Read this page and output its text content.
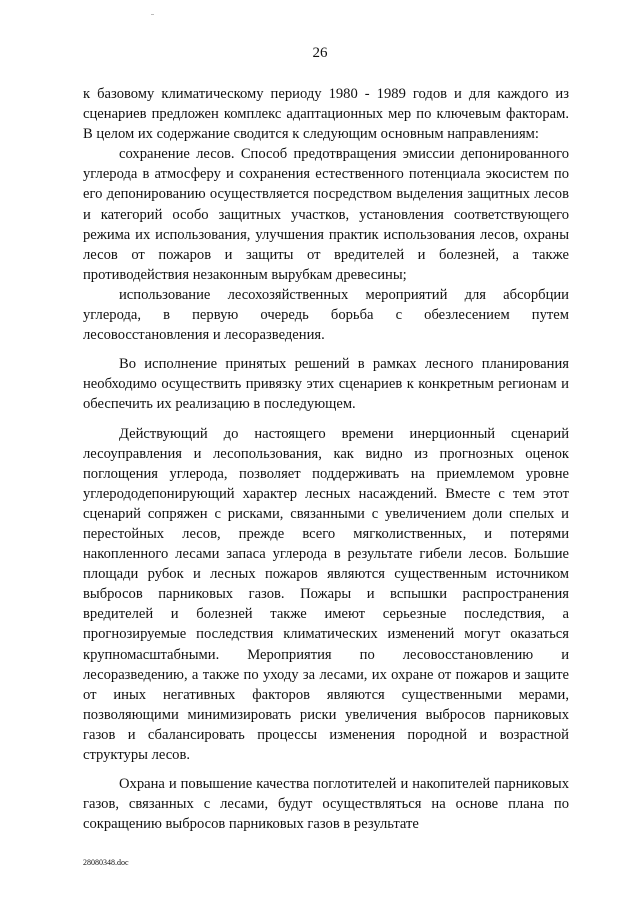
26

к базовому климатическому периоду 1980 - 1989 годов и для каждого из сценариев предложен комплекс адаптационных мер по ключевым факторам. В целом их содержание сводится к следующим основным направлениям:

сохранение лесов. Способ предотвращения эмиссии депонированного углерода в атмосферу и сохранения естественного потенциала экосистем по его депонированию осуществляется посредством выделения защитных лесов и категорий особо защитных участков, установления соответствующего режима их использования, улучшения практик использования лесов, охраны лесов от пожаров и защиты от вредителей и болезней, а также противодействия незаконным вырубкам древесины;

использование лесохозяйственных мероприятий для абсорбции углерода, в первую очередь борьба с обезлесением путем лесовосстановления и лесоразведения.

Во исполнение принятых решений в рамках лесного планирования необходимо осуществить привязку этих сценариев к конкретным регионам и обеспечить их реализацию в последующем.

Действующий до настоящего времени инерционный сценарий лесоуправления и лесопользования, как видно из прогнозных оценок поглощения углерода, позволяет поддерживать на приемлемом уровне углерододепонирующий характер лесных насаждений. Вместе с тем этот сценарий сопряжен с рисками, связанными с увеличением доли спелых и перестойных лесов, прежде всего мягколиственных, и потерями накопленного лесами запаса углерода в результате гибели лесов. Большие площади рубок и лесных пожаров являются существенным источником выбросов парниковых газов. Пожары и вспышки распространения вредителей и болезней также имеют серьезные последствия, а прогнозируемые последствия климатических изменений могут оказаться крупномасштабными. Мероприятия по лесовосстановлению и лесоразведению, а также по уходу за лесами, их охране от пожаров и защите от иных негативных факторов являются существенными мерами, позволяющими минимизировать риски увеличения выбросов парниковых газов и сбалансировать процессы изменения породной и возрастной структуры лесов.

Охрана и повышение качества поглотителей и накопителей парниковых газов, связанных с лесами, будут осуществляться на основе плана по сокращению выбросов парниковых газов в результате

28080348.doc
